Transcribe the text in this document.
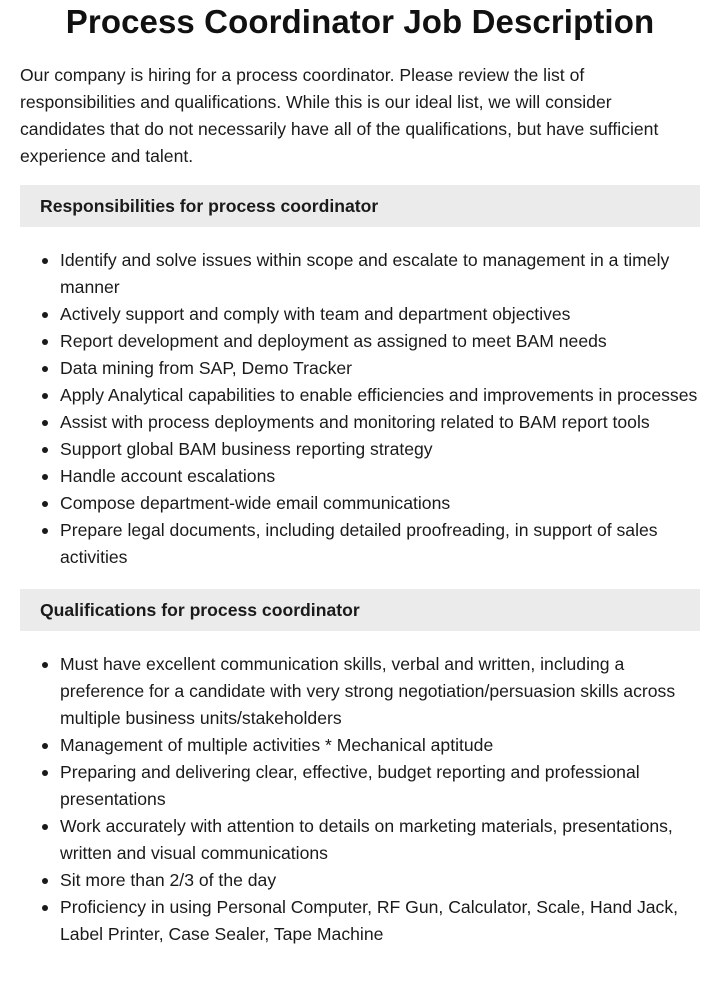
Process Coordinator Job Description

Our company is hiring for a process coordinator. Please review the list of responsibilities and qualifications. While this is our ideal list, we will consider candidates that do not necessarily have all of the qualifications, but have sufficient experience and talent.

Responsibilities for process coordinator
Identify and solve issues within scope and escalate to management in a timely manner
Actively support and comply with team and department objectives
Report development and deployment as assigned to meet BAM needs
Data mining from SAP, Demo Tracker
Apply Analytical capabilities to enable efficiencies and improvements in processes
Assist with process deployments and monitoring related to BAM report tools
Support global BAM business reporting strategy
Handle account escalations
Compose department-wide email communications
Prepare legal documents, including detailed proofreading, in support of sales activities
Qualifications for process coordinator
Must have excellent communication skills, verbal and written, including a preference for a candidate with very strong negotiation/persuasion skills across multiple business units/stakeholders
Management of multiple activities * Mechanical aptitude
Preparing and delivering clear, effective, budget reporting and professional presentations
Work accurately with attention to details on marketing materials, presentations, written and visual communications
Sit more than 2/3 of the day
Proficiency in using Personal Computer, RF Gun, Calculator, Scale, Hand Jack, Label Printer, Case Sealer, Tape Machine
